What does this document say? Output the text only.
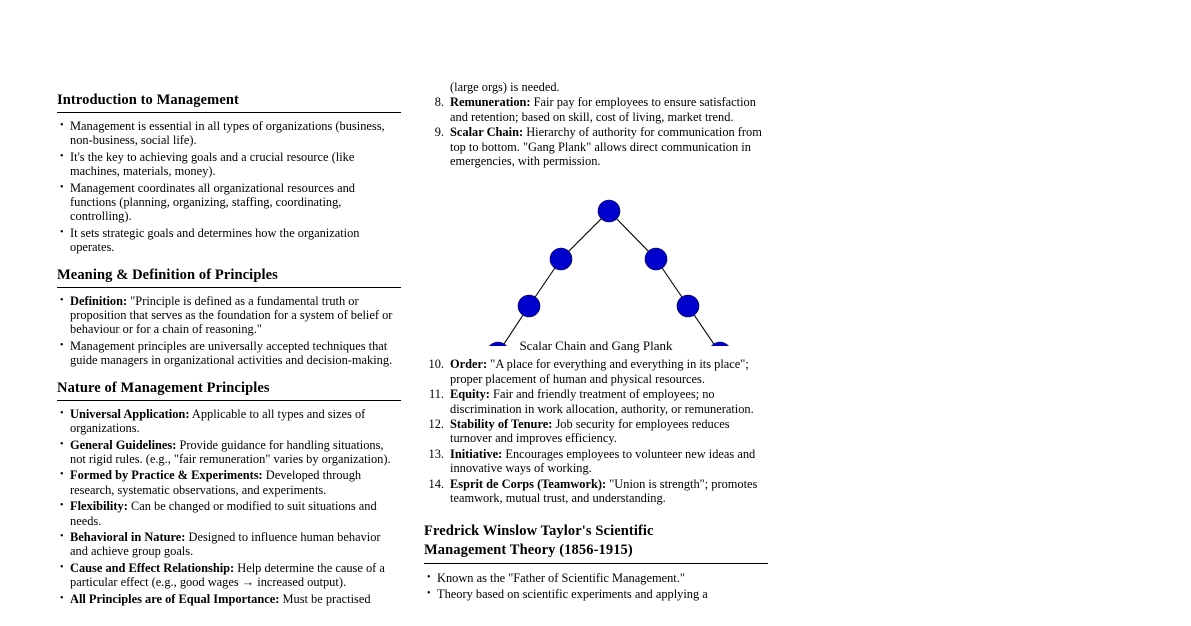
Introduction to Management
• Management is essential in all types of organizations (business, non-business, social life).
• It's the key to achieving goals and a crucial resource (like machines, materials, money).
• Management coordinates all organizational resources and functions (planning, organizing, staffing, coordinating, controlling).
• It sets strategic goals and determines how the organization operates.
Meaning & Definition of Principles
• Definition: "Principle is defined as a fundamental truth or proposition that serves as the foundation for a system of belief or behaviour or for a chain of reasoning."
• Management principles are universally accepted techniques that guide managers in organizational activities and decision-making.
Nature of Management Principles
• Universal Application: Applicable to all types and sizes of organizations.
• General Guidelines: Provide guidance for handling situations, not rigid rules. (e.g., "fair remuneration" varies by organization).
• Formed by Practice & Experiments: Developed through research, systematic observations, and experiments.
• Flexibility: Can be changed or modified to suit situations and needs.
• Behavioral in Nature: Designed to influence human behavior and achieve group goals.
• Cause and Effect Relationship: Help determine the cause of a particular effect (e.g., good wages → increased output).
• All Principles are of Equal Importance: Must be practised
(large orgs) is needed.
8. Remuneration: Fair pay for employees to ensure satisfaction and retention; based on skill, cost of living, market trend.
9. Scalar Chain: Hierarchy of authority for communication from top to bottom. "Gang Plank" allows direct communication in emergencies, with permission.
Scalar Chain and Gang Plank
10. Order: "A place for everything and everything in its place"; proper placement of human and physical resources.
11. Equity: Fair and friendly treatment of employees; no discrimination in work allocation, authority, or remuneration.
12. Stability of Tenure: Job security for employees reduces turnover and improves efficiency.
13. Initiative: Encourages employees to volunteer new ideas and innovative ways of working.
14. Esprit de Corps (Teamwork): "Union is strength"; promotes teamwork, mutual trust, and understanding.
Fredrick Winslow Taylor's Scientific
Management Theory (1856-1915)
• Known as the "Father of Scientific Management."
• Theory based on scientific experiments and applying a
